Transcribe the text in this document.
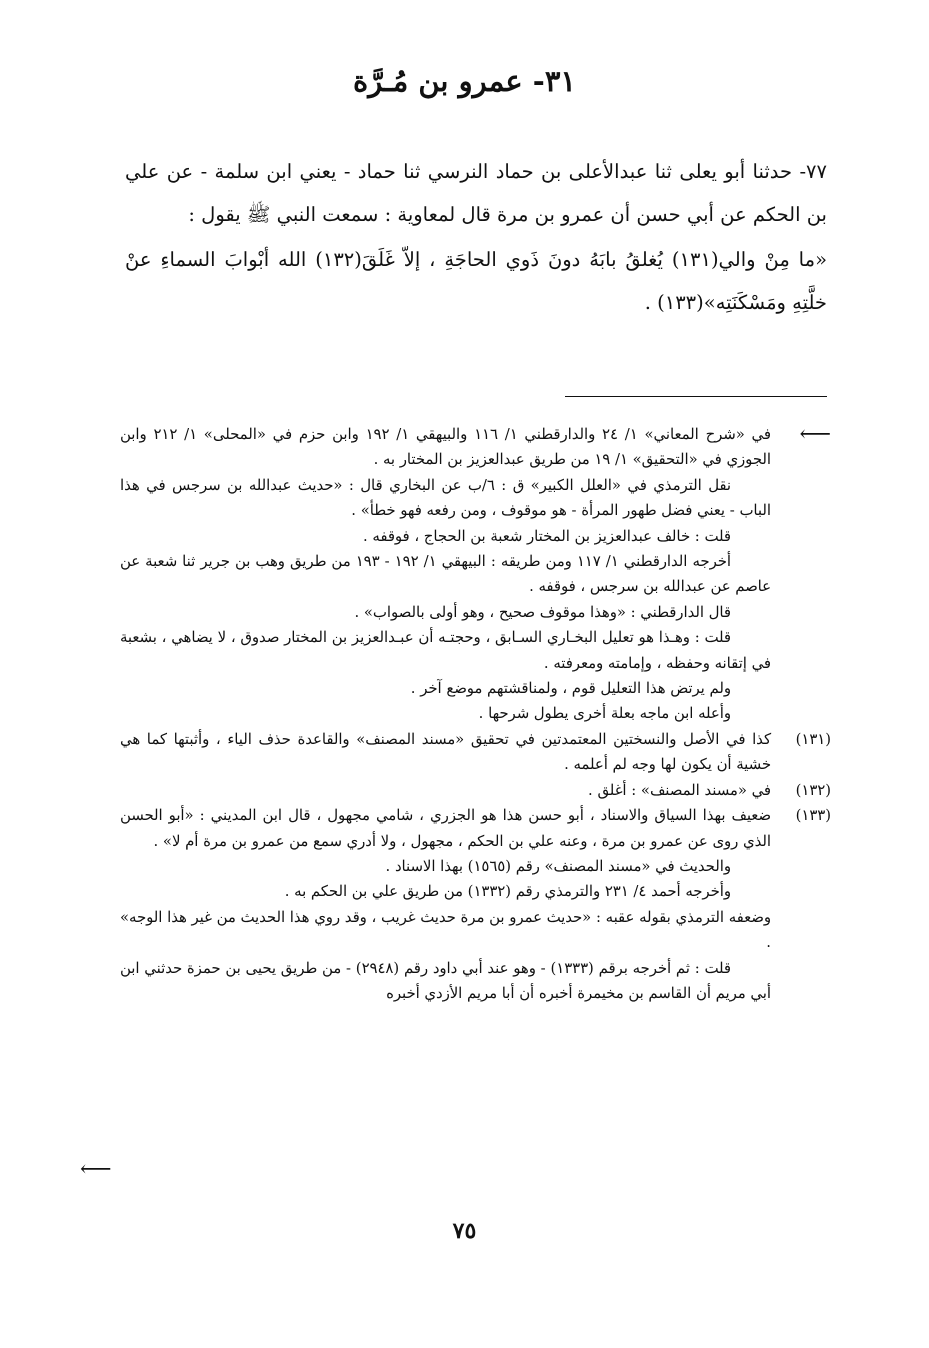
٣١- عمرو بن مُـرَّة

٧٧- حدثنا أبو يعلى ثنا عبدالأعلى بن حماد النرسي ثنا حماد - يعني ابن سلمة - عن علي بن الحكم عن أبي حسن أن عمرو بن مرة قال لمعاوية : سمعت النبي ﷺ يقول :

«ما مِنْ والي(١٣١) يُغلقُ بابَهُ دونَ ذَوي الحاجَةِ ، إلاّ غَلَقَ(١٣٢) الله أبْوابَ السماءِ عنْ خلَّتِهِ ومَسْكَنَتِه»(١٣٣) .

⟵

في «شرح المعاني» ١/ ٢٤ والدارقطني ١/ ١١٦ والبيهقي ١/ ١٩٢ وابن حزم في «المحلى» ١/ ٢١٢ وابن الجوزي في «التحقيق» ١/ ١٩ من طريق عبدالعزيز بن المختار به .

نقل الترمذي في «العلل الكبير» ق : ٦/ب عن البخاري قال : «حديث عبدالله بن سرجس في هذا الباب - يعني فضل طهور المرأة - هو موقوف ، ومن رفعه فهو خطأ» .

قلت : خالف عبدالعزيز بن المختار شعبة بن الحجاج ، فوقفه .

أخرجه الدارقطني ١/ ١١٧ ومن طريقه : البيهقي ١/ ١٩٢ - ١٩٣ من طريق وهب بن جرير ثنا شعبة عن عاصم عن عبدالله بن سرجس ، فوقفه .

قال الدارقطني : «وهذا موقوف صحيح ، وهو أولى بالصواب» .

قلت : وهـذا هو تعليل البخـاري السـابق ، وحجتـه أن عبـدالعزيز بن المختار صدوق ، لا يضاهي ، بشعبة في إتقانه وحفظه ، وإمامته ومعرفته .

ولم يرتض هذا التعليل قوم ، ولمناقشتهم موضع آخر .

وأعله ابن ماجه بعلة أخرى يطول شرحها .

(١٣١)

كذا في الأصل والنسختين المعتمدتين في تحقيق «مسند المصنف» والقاعدة حذف الياء ، وأثبتها كما هي خشية أن يكون لها وجه لم أعلمه .

(١٣٢)

في «مسند المصنف» : أغلق .

(١٣٣)

ضعيف بهذا السياق والاسناد ، أبو حسن هذا هو الجزري ، شامي مجهول ، قال ابن المديني : «أبو الحسن الذي روى عن عمرو بن مرة ، وعنه علي بن الحكم ، مجهول ، ولا أدري سمع من عمرو بن مرة أم لا» .

والحديث في «مسند المصنف» رقم (١٥٦٥) بهذا الاسناد .

وأخرجه أحمد ٤/ ٢٣١ والترمذي رقم (١٣٣٢) من طريق علي بن الحكم به .

وضعفه الترمذي بقوله عقبه : «حديث عمرو بن مرة حديث غريب ، وقد روي هذا الحديث من غير هذا الوجه» .

قلت : ثم أخرجه برقم (١٣٣٣) - وهو عند أبي داود رقم (٢٩٤٨) - من طريق يحيى بن حمزة حدثني ابن أبي مريم أن القاسم بن مخيمرة أخبره أن أبا مريم الأزدي أخبره

⟵
٧٥
